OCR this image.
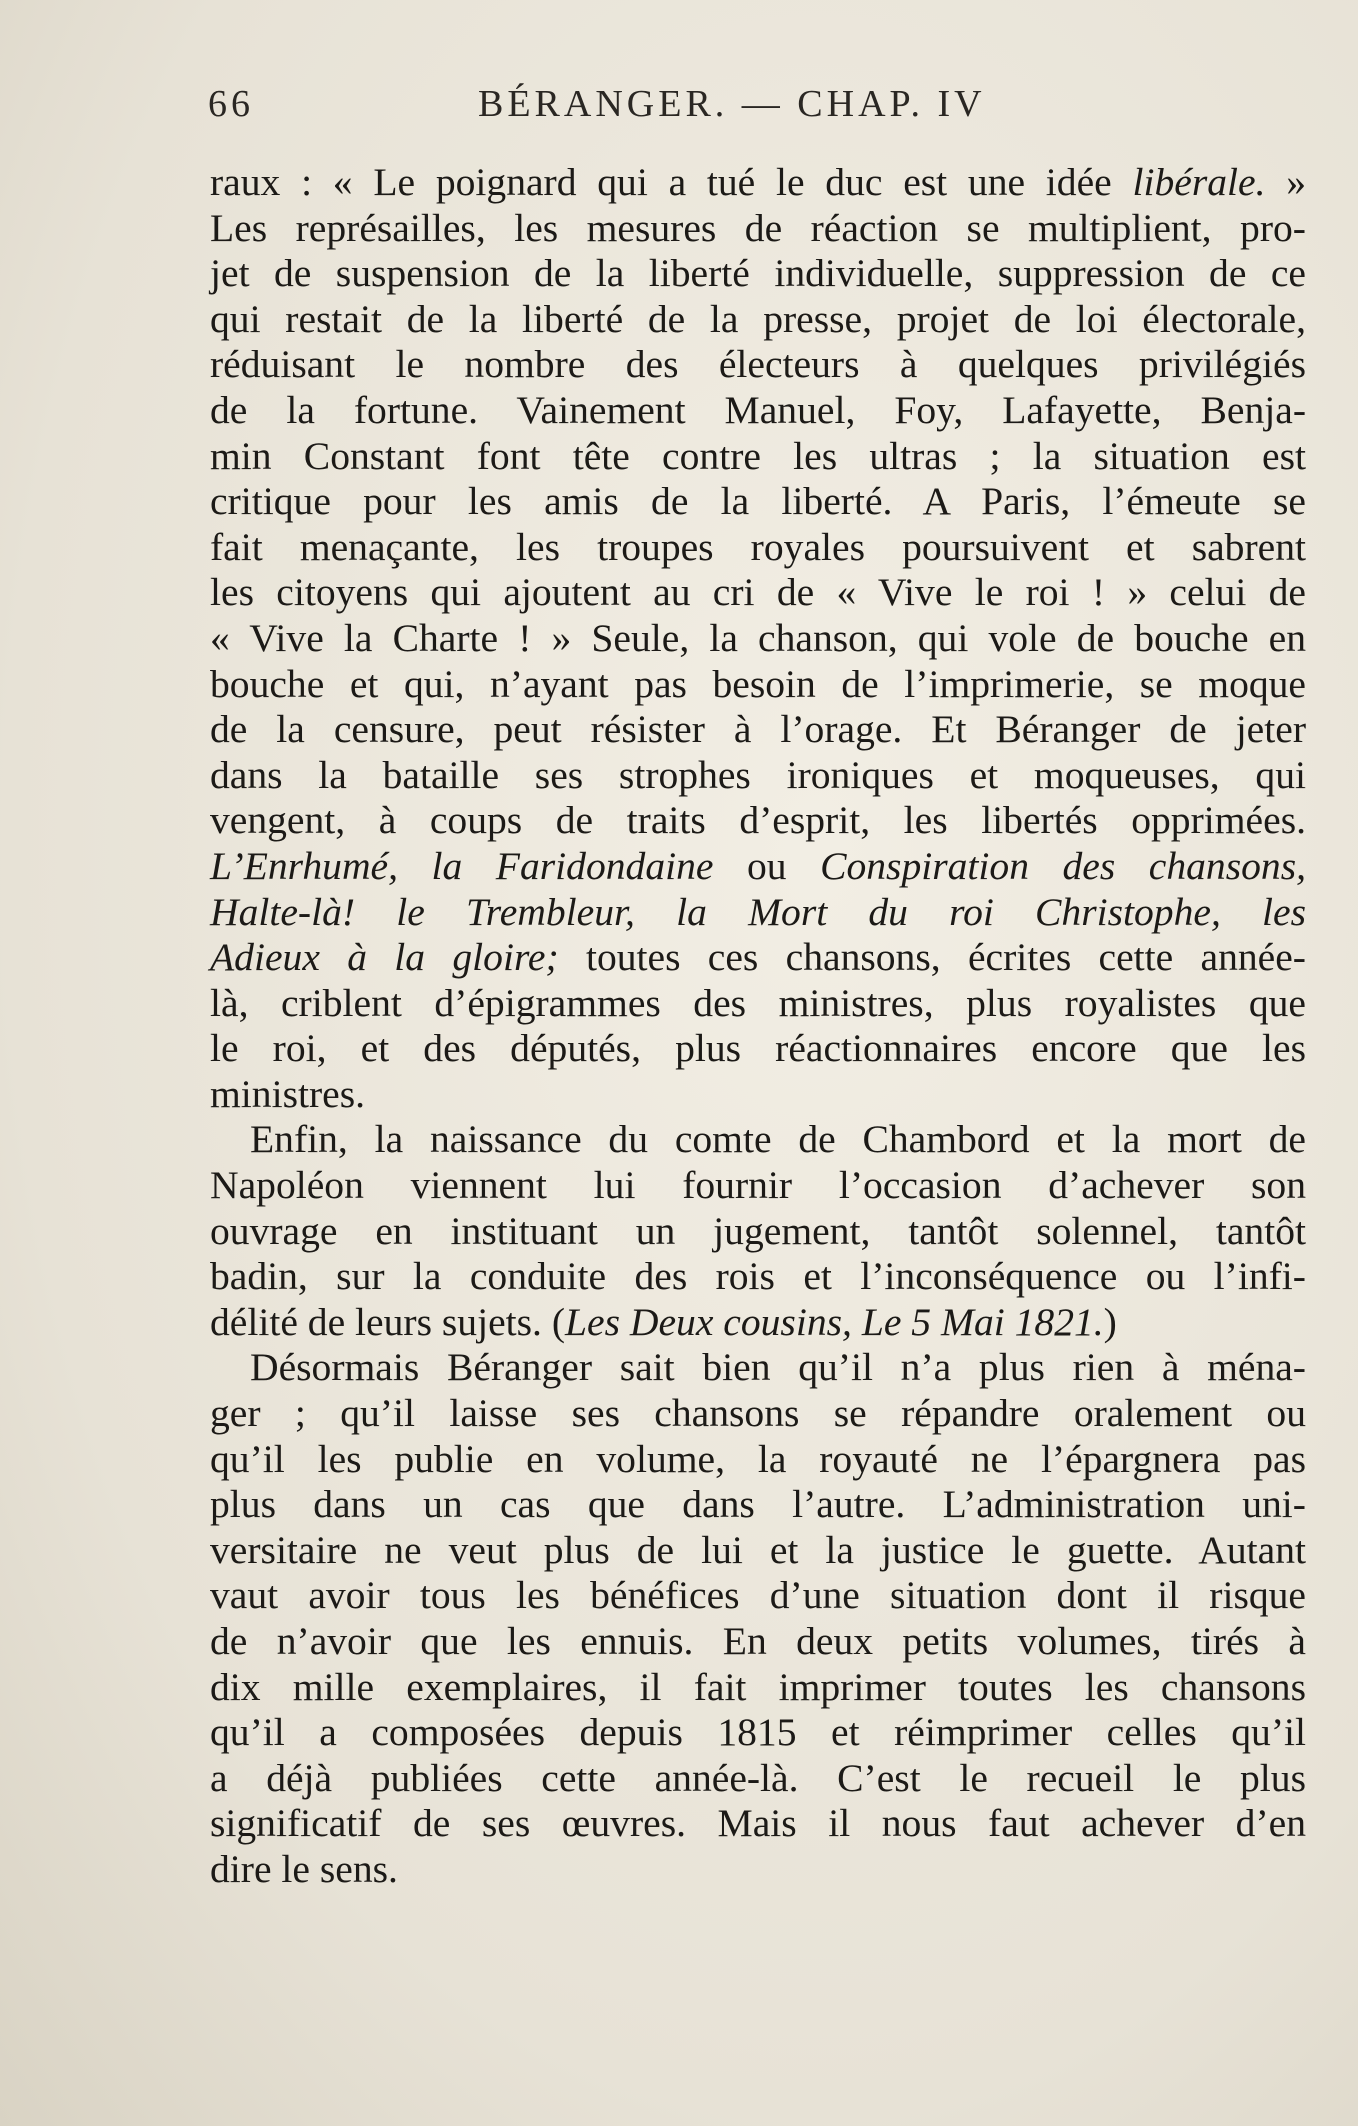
66	BÉRANGER. — CHAP. IV

raux : « Le poignard qui a tué le duc est une idée libérale. »
Les représailles, les mesures de réaction se multiplient, pro-
jet de suspension de la liberté individuelle, suppression de ce
qui restait de la liberté de la presse, projet de loi électorale,
réduisant le nombre des électeurs à quelques privilégiés
de la fortune. Vainement Manuel, Foy, Lafayette, Benja-
min Constant font tête contre les ultras ; la situation est
critique pour les amis de la liberté. A Paris, l’émeute se
fait menaçante, les troupes royales poursuivent et sabrent
les citoyens qui ajoutent au cri de « Vive le roi ! » celui de
« Vive la Charte ! » Seule, la chanson, qui vole de bouche en
bouche et qui, n’ayant pas besoin de l’imprimerie, se moque
de la censure, peut résister à l’orage. Et Béranger de jeter
dans la bataille ses strophes ironiques et moqueuses, qui
vengent, à coups de traits d’esprit, les libertés opprimées.
L’Enrhumé, la Faridondaine ou Conspiration des chansons,
Halte-là! le Trembleur, la Mort du roi Christophe, les
Adieux à la gloire; toutes ces chansons, écrites cette année-
là, criblent d’épigrammes des ministres, plus royalistes que
le roi, et des députés, plus réactionnaires encore que les
ministres.

Enfin, la naissance du comte de Chambord et la mort de
Napoléon viennent lui fournir l’occasion d’achever son
ouvrage en instituant un jugement, tantôt solennel, tantôt
badin, sur la conduite des rois et l’inconséquence ou l’infi-
délité de leurs sujets. (Les Deux cousins, Le 5 Mai 1821.)

Désormais Béranger sait bien qu’il n’a plus rien à ména-
ger ; qu’il laisse ses chansons se répandre oralement ou
qu’il les publie en volume, la royauté ne l’épargnera pas
plus dans un cas que dans l’autre. L’administration uni-
versitaire ne veut plus de lui et la justice le guette. Autant
vaut avoir tous les bénéfices d’une situation dont il risque
de n’avoir que les ennuis. En deux petits volumes, tirés à
dix mille exemplaires, il fait imprimer toutes les chansons
qu’il a composées depuis 1815 et réimprimer celles qu’il
a déjà publiées cette année-là. C’est le recueil le plus
significatif de ses œuvres. Mais il nous faut achever d’en
dire le sens.
